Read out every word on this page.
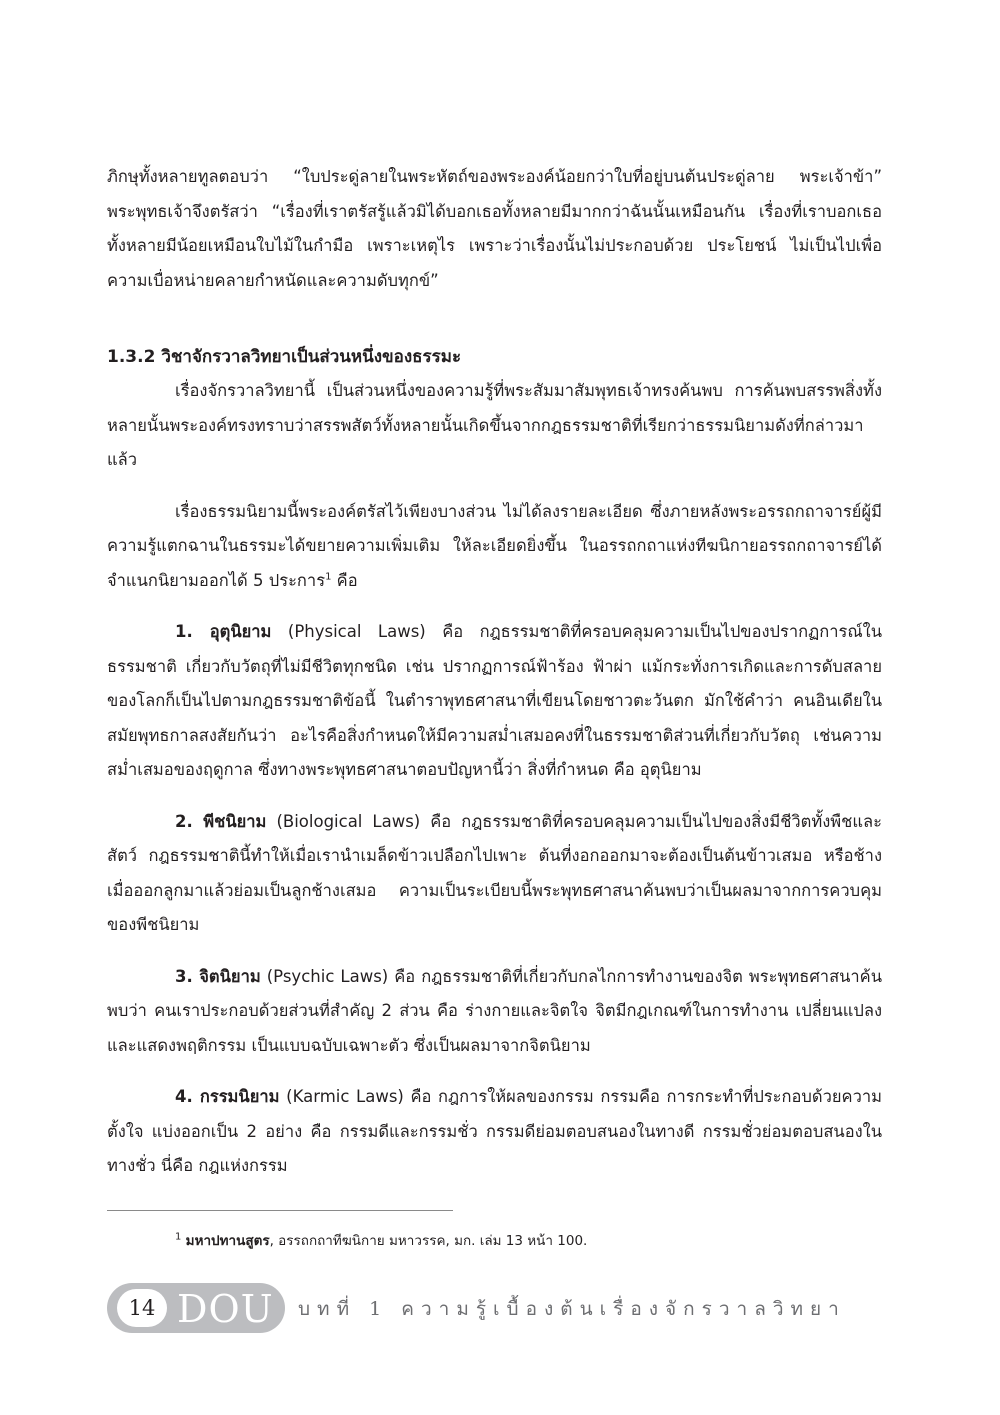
ภิกษุทั้งหลายทูลตอบว่า “ใบประดู่ลายในพระหัตถ์ของพระองค์น้อยกว่าใบที่อยู่บนต้นประดู่ลาย พระเจ้าข้า” พระพุทธเจ้าจึงตรัสว่า “เรื่องที่เราตรัสรู้แล้วมิได้บอกเธอทั้งหลายมีมากกว่าฉันนั้นเหมือนกัน เรื่องที่เราบอกเธอทั้งหลายมีน้อยเหมือนใบไม้ในกำมือ เพราะเหตุไร เพราะว่าเรื่องนั้นไม่ประกอบด้วย ประโยชน์ ไม่เป็นไปเพื่อความเบื่อหน่ายคลายกำหนัดและความดับทุกข์”

1.3.2 วิชาจักรวาลวิทยาเป็นส่วนหนึ่งของธรรมะ

เรื่องจักรวาลวิทยานี้ เป็นส่วนหนึ่งของความรู้ที่พระสัมมาสัมพุทธเจ้าทรงค้นพบ การค้นพบสรรพสิ่งทั้งหลายนั้นพระองค์ทรงทราบว่าสรรพสัตว์ทั้งหลายนั้นเกิดขึ้นจากกฎธรรมชาติที่เรียกว่าธรรมนิยามดังที่กล่าวมาแล้ว

เรื่องธรรมนิยามนี้พระองค์ตรัสไว้เพียงบางส่วน ไม่ได้ลงรายละเอียด ซึ่งภายหลังพระอรรถกถาจารย์ผู้มีความรู้แตกฉานในธรรมะได้ขยายความเพิ่มเติม ให้ละเอียดยิ่งขึ้น ในอรรถกถาแห่งทีฆนิกายอรรถกถาจารย์ได้จำแนกนิยามออกได้ 5 ประการ$^1$ คือ

1. อุตุนิยาม (Physical Laws) คือ กฎธรรมชาติที่ครอบคลุมความเป็นไปของปรากฏการณ์ในธรรมชาติ เกี่ยวกับวัตถุที่ไม่มีชีวิตทุกชนิด เช่น ปรากฏการณ์ฟ้าร้อง ฟ้าผ่า แม้กระทั่งการเกิดและการดับสลายของโลกก็เป็นไปตามกฎธรรมชาติข้อนี้ ในตำราพุทธศาสนาที่เขียนโดยชาวตะวันตก มักใช้คำว่า คนอินเดียในสมัยพุทธกาลสงสัยกันว่า อะไรคือสิ่งกำหนดให้มีความสม่ำเสมอคงที่ในธรรมชาติส่วนที่เกี่ยวกับวัตถุ เช่นความสม่ำเสมอของฤดูกาล ซึ่งทางพระพุทธศาสนาตอบปัญหานี้ว่า สิ่งที่กำหนด คือ อุตุนิยาม

2. พีชนิยาม (Biological Laws) คือ กฎธรรมชาติที่ครอบคลุมความเป็นไปของสิ่งมีชีวิตทั้งพืชและสัตว์ กฎธรรมชาตินี้ทำให้เมื่อเรานำเมล็ดข้าวเปลือกไปเพาะ ต้นที่งอกออกมาจะต้องเป็นต้นข้าวเสมอ หรือช้างเมื่อออกลูกมาแล้วย่อมเป็นลูกช้างเสมอ ความเป็นระเบียบนี้พระพุทธศาสนาค้นพบว่าเป็นผลมาจากการควบคุมของพีชนิยาม

3. จิตนิยาม (Psychic Laws) คือ กฎธรรมชาติที่เกี่ยวกับกลไกการทำงานของจิต พระพุทธศาสนาค้นพบว่า คนเราประกอบด้วยส่วนที่สำคัญ 2 ส่วน คือ ร่างกายและจิตใจ จิตมีกฎเกณฑ์ในการทำงาน เปลี่ยนแปลงและแสดงพฤติกรรม เป็นแบบฉบับเฉพาะตัว ซึ่งเป็นผลมาจากจิตนิยาม

4. กรรมนิยาม (Karmic Laws) คือ กฎการให้ผลของกรรม กรรมคือ การกระทำที่ประกอบด้วยความตั้งใจ แบ่งออกเป็น 2 อย่าง คือ กรรมดีและกรรมชั่ว กรรมดีย่อมตอบสนองในทางดี กรรมชั่วย่อมตอบสนองในทางชั่ว นี่คือ กฎแห่งกรรม

$^1$ มหาปทานสูตร, อรรถกถาทีฆนิกาย มหาวรรค, มก. เล่ม 13 หน้า 100.
14 DOU บทที่ 1 ความรู้เบื้องต้นเรื่องจักรวาลวิทยา
